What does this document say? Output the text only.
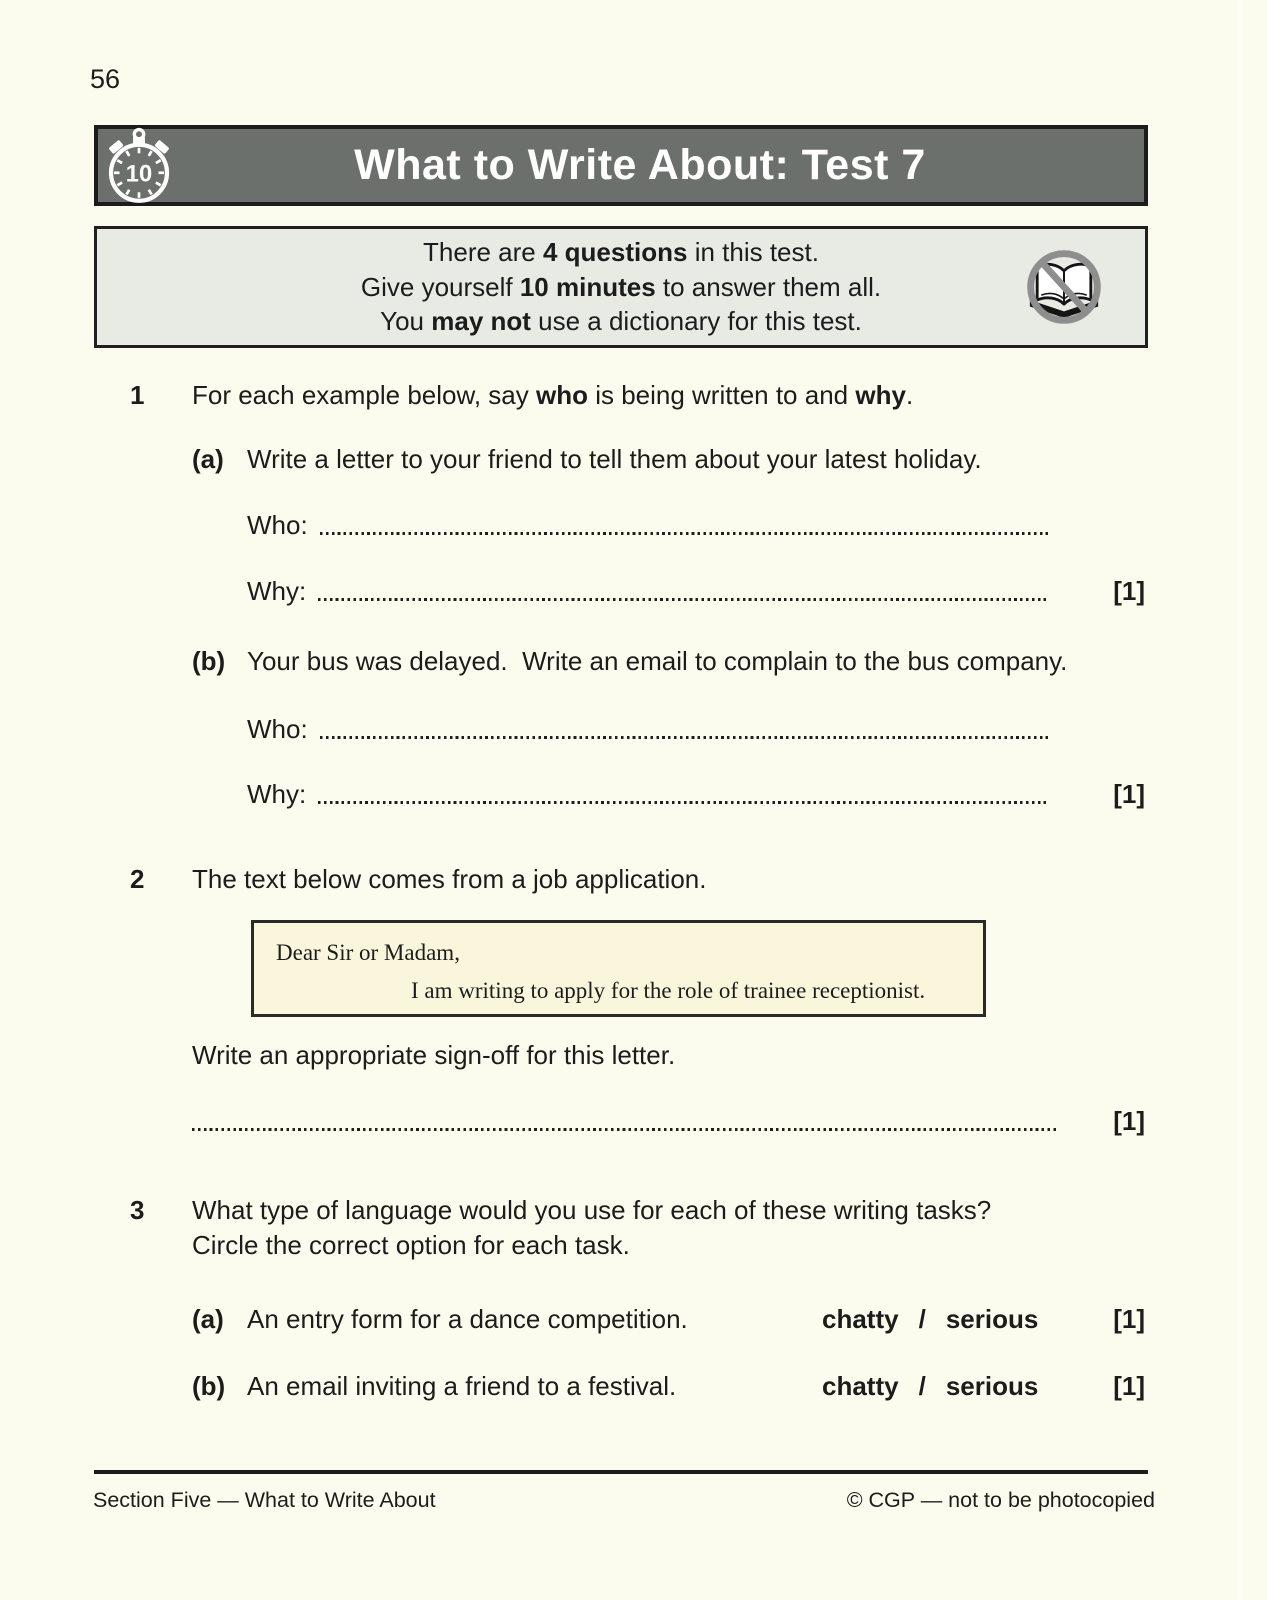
56
What to Write About: Test 7
10
There are 4 questions in this test.
Give yourself 10 minutes to answer them all.
You may not use a dictionary for this test.
1	For each example below, say who is being written to and why.
(a) Write a letter to your friend to tell them about your latest holiday.
Who:
Why:	[1]
(b) Your bus was delayed.  Write an email to complain to the bus company.
Who:
Why:	[1]
2	The text below comes from a job application.
Dear Sir or Madam,
I am writing to apply for the role of trainee receptionist.
Write an appropriate sign-off for this letter.
[1]
3	What type of language would you use for each of these writing tasks?
Circle the correct option for each task.
(a) An entry form for a dance competition.	chatty / serious	[1]
(b) An email inviting a friend to a festival.	chatty / serious	[1]
Section Five — What to Write About	© CGP — not to be photocopied
